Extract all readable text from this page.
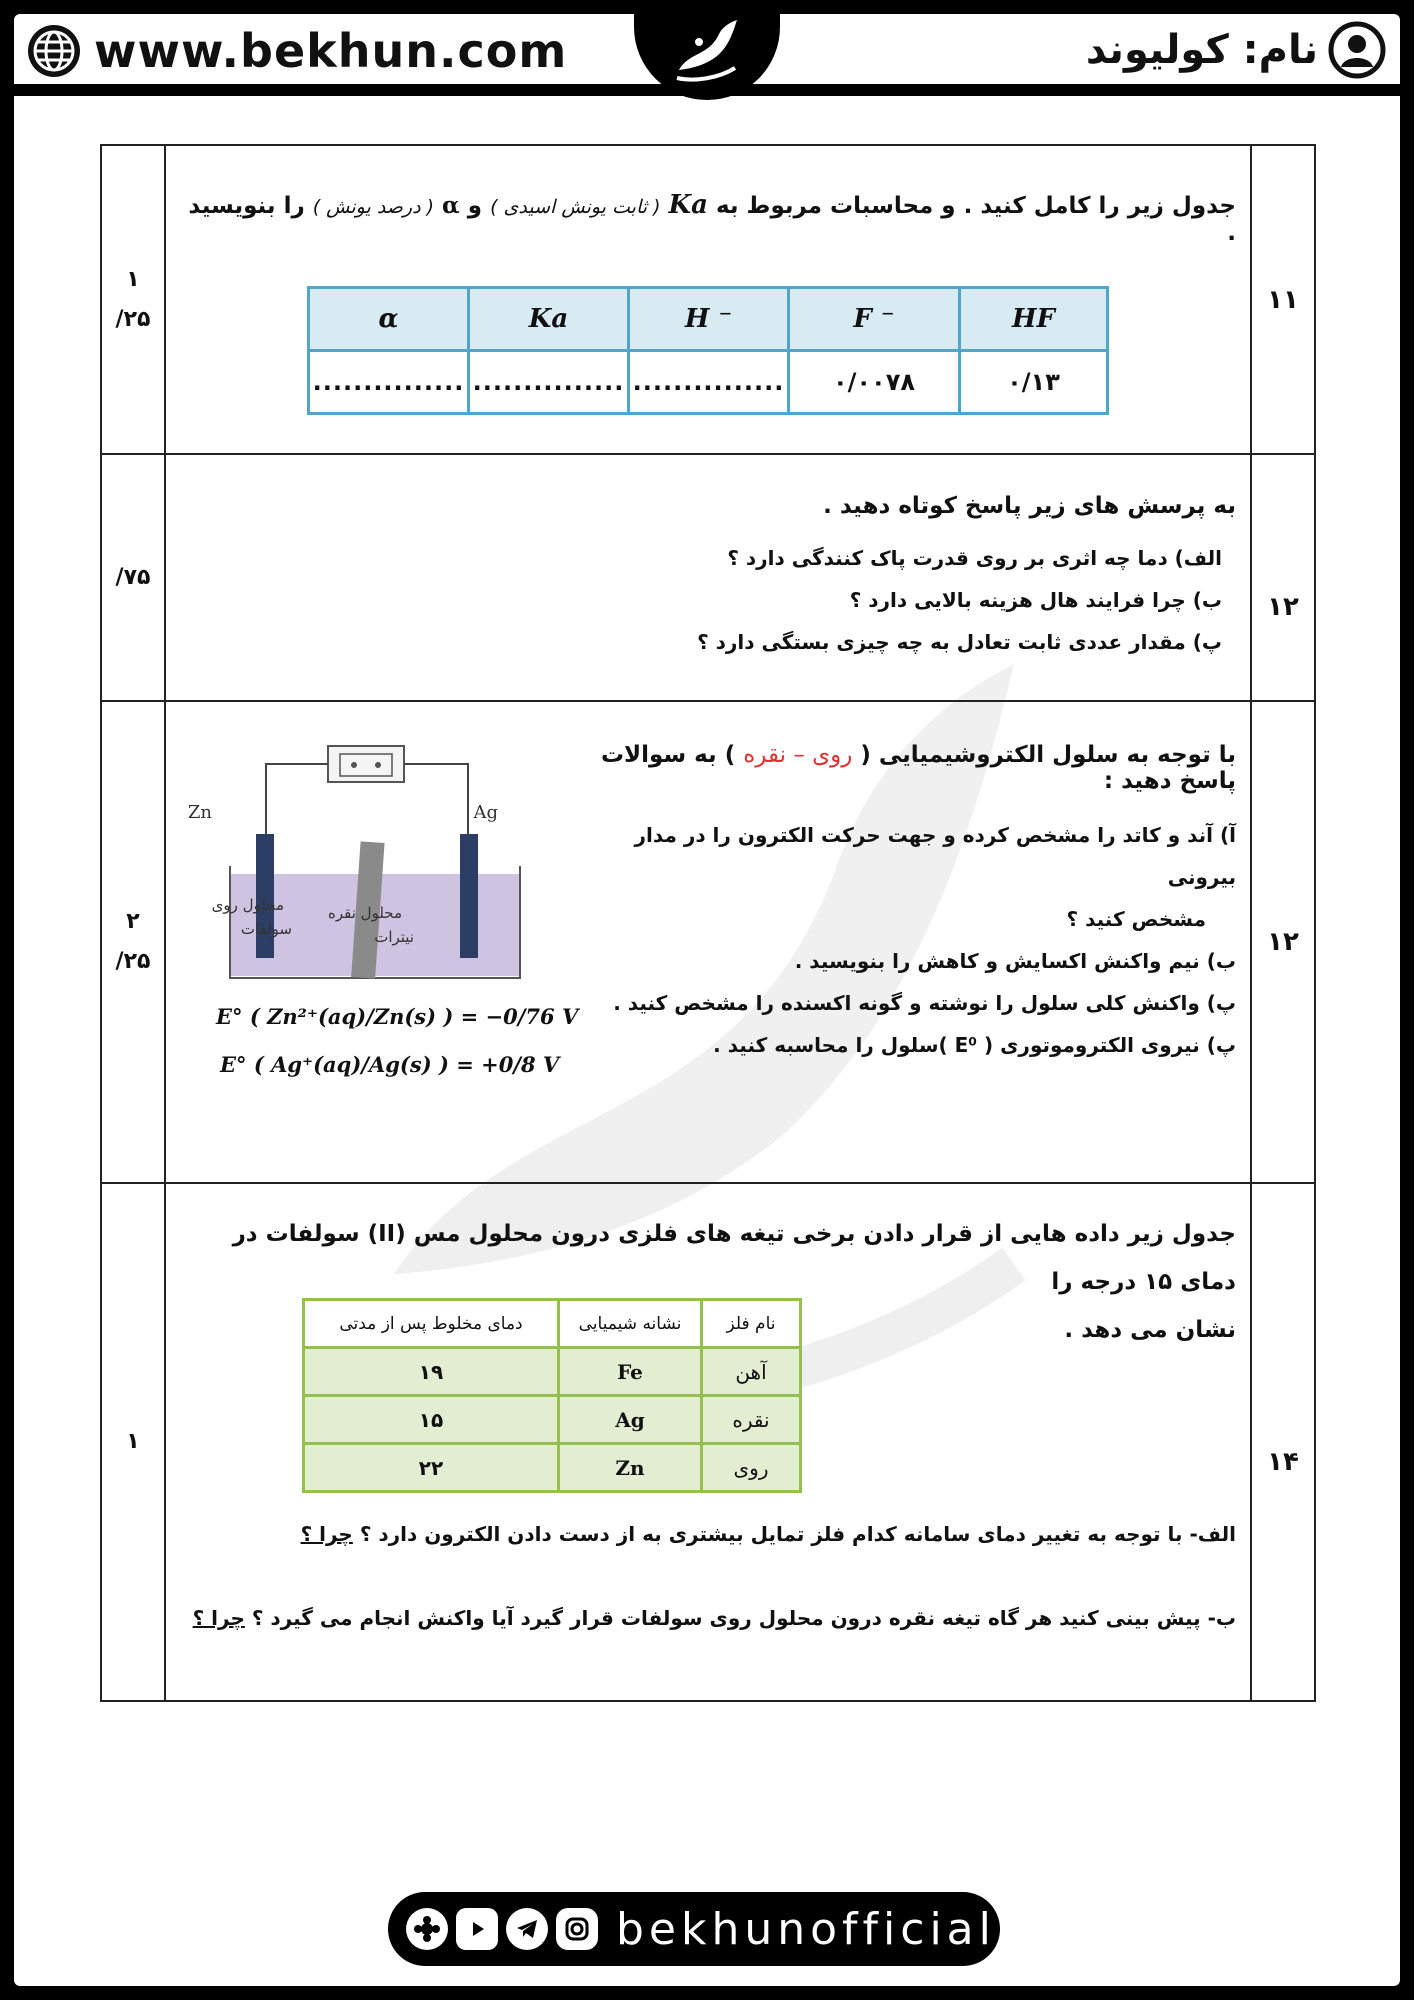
www.bekhun.com	نام: کولیوند
۱
/۲۵

جدول زیر را کامل کنید . و محاسبات مربوط به Ka ( ثابت یونش اسیدی ) و α ( درصد یونش ) را بنویسید .

α	Ka	H ⁻	F ⁻	HF
...............	...............	...............	۰/۰۰۷۸	۰/۱۳
	۱۱
/۷۵	

به پرسش های زیر پاسخ کوتاه دهید .

الف) دما چه اثری بر روی قدرت پاک کنندگی دارد ؟

ب) چرا فرایند هال هزینه بالایی دارد ؟

پ) مقدار عددی ثابت تعادل به چه چیزی بستگی دارد ؟

	۱۲

۲
/۲۵

با توجه به سلول الکتروشیمیایی ( روی – نقره ) به سوالات پاسخ دهید :

آ) آند و کاتد را مشخص کرده و جهت حرکت الکترون را در مدار بیرونی

مشخص کنید ؟

ب) نیم واکنش اکسایش و کاهش را بنویسید .

پ) واکنش کلی سلول را نوشته و گونه اکسنده را مشخص کنید .

پ) نیروی الکتروموتوری ( E⁰ )سلول را محاسبه کنید .

Zn	Ag
محلول روی
سولفات
محلول نقره
نیترات
E° ( Zn²⁺(aq)/Zn(s) ) = −0/76 V
E° ( Ag⁺(aq)/Ag(s) ) = +0/8 V
	۱۲
۱	

جدول زیر داده هایی از قرار دادن برخی تیغه های فلزی درون محلول مس (II) سولفات در دمای ۱۵ درجه را

نشان می دهد .

دمای مخلوط پس از مدتی	نشانه شیمیایی	نام فلز
۱۹	Fe	آهن
۱۵	Ag	نقره
۲۲	Zn	روی

الف- با توجه به تغییر دمای سامانه کدام فلز تمایل بیشتری به از دست دادن الکترون دارد ؟ چرا ؟

ب- پیش بینی کنید هر گاه تیغه نقره درون محلول روی سولفات قرار گیرد آیا واکنش انجام می گیرد ؟ چرا ؟

	۱۴
bekhunofficial
